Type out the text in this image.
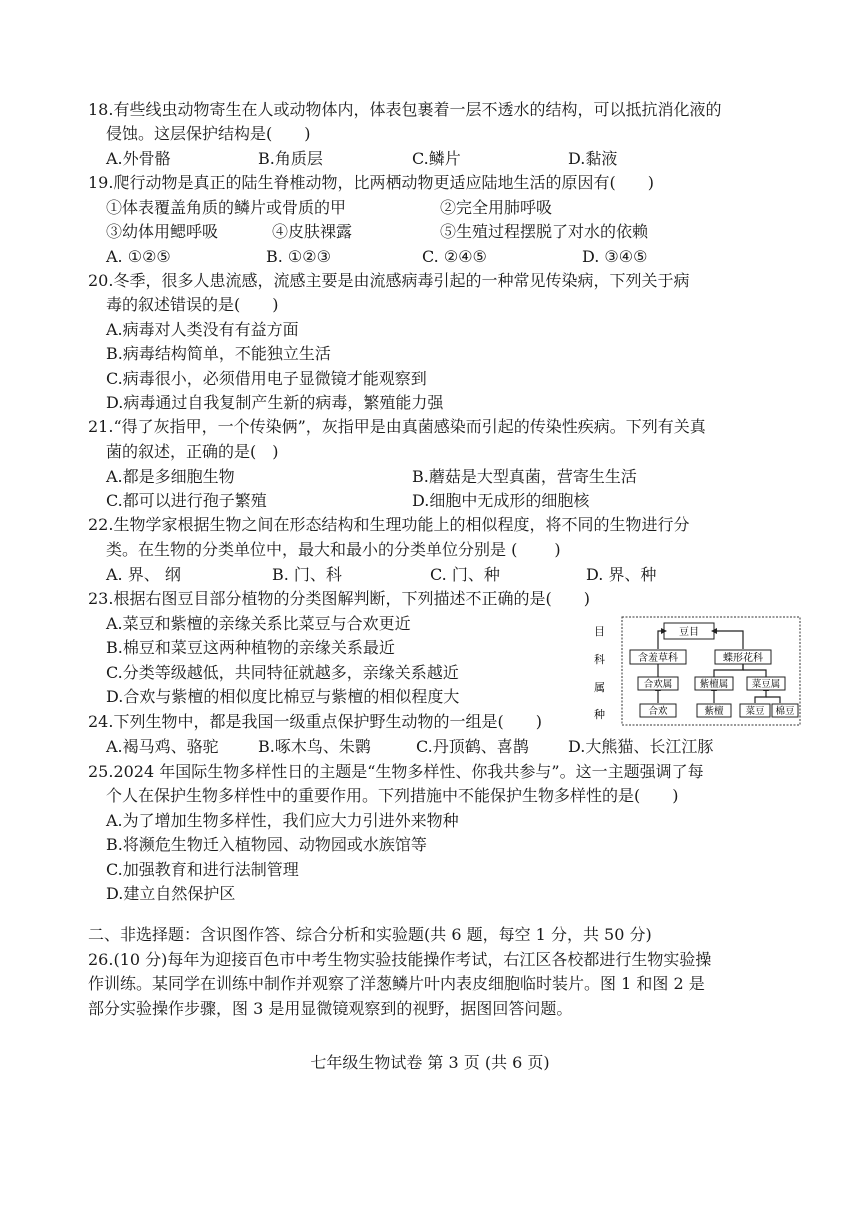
18.有些线虫动物寄生在人或动物体内，体表包裹着一层不透水的结构，可以抵抗消化液的
侵蚀。这层保护结构是(　　)
A.外骨骼	B.角质层	C.鳞片	D.黏液
19.爬行动物是真正的陆生脊椎动物，比两栖动物更适应陆地生活的原因有(　　)
①体表覆盖角质的鳞片或骨质的甲	②完全用肺呼吸
③幼体用鳃呼吸	④皮肤裸露	⑤生殖过程摆脱了对水的依赖
A. ①②⑤	B. ①②③	C. ②④⑤	D. ③④⑤
20.冬季，很多人患流感，流感主要是由流感病毒引起的一种常见传染病，下列关于病
毒的叙述错误的是(　　)
A.病毒对人类没有有益方面
B.病毒结构简单，不能独立生活
C.病毒很小，必须借用电子显微镜才能观察到
D.病毒通过自我复制产生新的病毒，繁殖能力强
21.“得了灰指甲，一个传染俩”，灰指甲是由真菌感染而引起的传染性疾病。下列有关真
菌的叙述，正确的是(　)
A.都是多细胞生物	B.蘑菇是大型真菌，营寄生生活
C.都可以进行孢子繁殖	D.细胞中无成形的细胞核
22.生物学家根据生物之间在形态结构和生理功能上的相似程度，将不同的生物进行分
类。在生物的分类单位中，最大和最小的分类单位分别是 (　　 )
A. 界、 纲	B. 门、科	C. 门、种	D. 界、种
23.根据右图豆目部分植物的分类图解判断，下列描述不正确的是(　　)
A.菜豆和紫檀的亲缘关系比菜豆与合欢更近
B.棉豆和菜豆这两种植物的亲缘关系最近
C.分类等级越低，共同特征就越多，亲缘关系越近
D.合欢与紫檀的相似度比棉豆与紫檀的相似程度大
目
科
属
种
豆目
含羞草科	蝶形花科
合欢属	紫檀属 菜豆属
合欢	紫檀 菜豆 棉豆
24.下列生物中，都是我国一级重点保护野生动物的一组是(　　)
A.褐马鸡、骆驼 B.啄木鸟、朱鹮	C.丹顶鹤、喜鹊 D.大熊猫、长江江豚
25.2024 年国际生物多样性日的主题是“生物多样性、你我共参与”。这一主题强调了每
个人在保护生物多样性中的重要作用。下列措施中不能保护生物多样性的是(　　)
A.为了增加生物多样性，我们应大力引进外来物种
B.将濒危生物迁入植物园、动物园或水族馆等
C.加强教育和进行法制管理
D.建立自然保护区
二、非选择题：含识图作答、综合分析和实验题(共 6 题，每空 1 分，共 50 分)
26.(10 分)每年为迎接百色市中考生物实验技能操作考试，右江区各校都进行生物实验操
作训练。某同学在训练中制作并观察了洋葱鳞片叶内表皮细胞临时装片。图 1 和图 2 是
部分实验操作步骤，图 3 是用显微镜观察到的视野，据图回答问题。
七年级生物试卷 第 3 页 (共 6 页)
